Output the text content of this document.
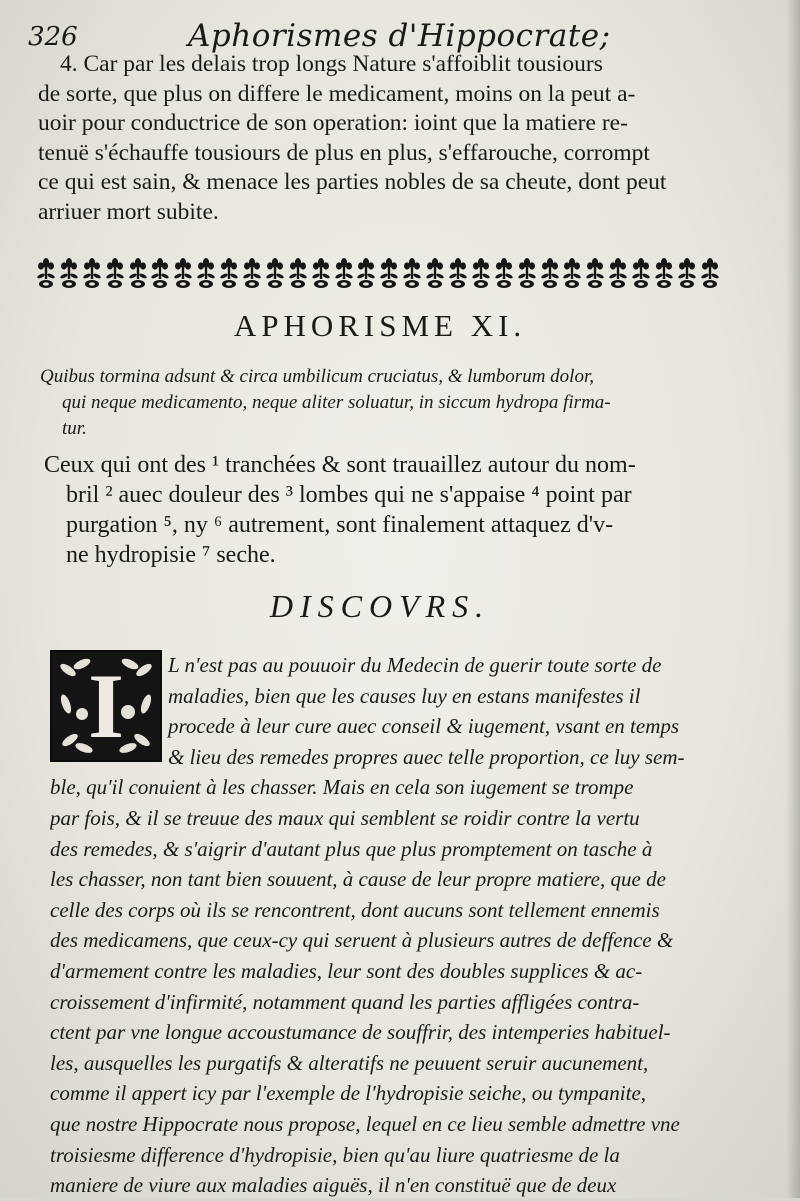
326	Aphorismes d'Hippocrate;
4. Car par les delais trop longs Nature s'affoiblit tousiours
de sorte, que plus on differe le medicament, moins on la peut a-
uoir pour conductrice de son operation: ioint que la matiere re-
tenuë s'échauffe tousiours de plus en plus, s'effarouche, corrompt
ce qui est sain, & menace les parties nobles de sa cheute, dont peut
arriuer mort subite.
APHORISME XI.
Quibus tormina adsunt & circa umbilicum cruciatus, & lumborum dolor,
qui neque medicamento, neque aliter soluatur, in siccum hydropa firma-
tur.
Ceux qui ont des ¹ tranchées & sont trauaillez autour du nom-
bril ² auec douleur des ³ lombes qui ne s'appaise ⁴ point par
purgation ⁵, ny ⁶ autrement, sont finalement attaquez d'v-
ne hydropisie ⁷ seche.
DISCOVRS.
I	L n'est pas au pouuoir du Medecin de guerir toute sorte de
maladies, bien que les causes luy en estans manifestes il
procede à leur cure auec conseil & iugement, vsant en temps
& lieu des remedes propres auec telle proportion, ce luy sem-
ble, qu'il conuient à les chasser. Mais en cela son iugement se trompe
par fois, & il se treuue des maux qui semblent se roidir contre la vertu
des remedes, & s'aigrir d'autant plus que plus promptement on tasche à
les chasser, non tant bien souuent, à cause de leur propre matiere, que de
celle des corps où ils se rencontrent, dont aucuns sont tellement ennemis
des medicamens, que ceux-cy qui seruent à plusieurs autres de deffence &
d'armement contre les maladies, leur sont des doubles supplices & ac-
croissement d'infirmité, notamment quand les parties affligées contra-
ctent par vne longue accoustumance de souffrir, des intemperies habituel-
les, ausquelles les purgatifs & alteratifs ne peuuent seruir aucunement,
comme il appert icy par l'exemple de l'hydropisie seiche, ou tympanite,
que nostre Hippocrate nous propose, lequel en ce lieu semble admettre vne
troisiesme difference d'hydropisie, bien qu'au liure quatriesme de la
maniere de viure aux maladies aiguës, il n'en constituë que de deux
